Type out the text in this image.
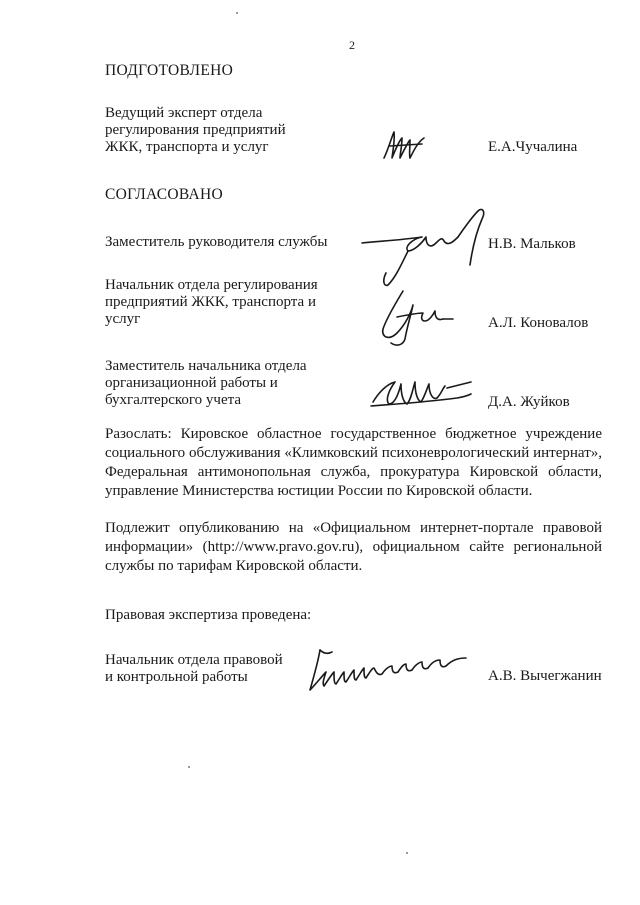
2
ПОДГОТОВЛЕНО
Ведущий эксперт отдела
регулирования предприятий
ЖКК, транспорта и услуг	Е.А.Чучалина
СОГЛАСОВАНО
Заместитель руководителя службы	Н.В. Мальков
Начальник отдела регулирования
предприятий ЖКК, транспорта и
услуг	А.Л. Коновалов
Заместитель начальника отдела
организационной работы и
бухгалтерского учета	Д.А. Жуйков
Разослать: Кировское областное государственное бюджетное учреждение
социального обслуживания «Климковский психоневрологический интернат»,
Федеральная антимонопольная служба, прокуратура Кировской области,
управление Министерства юстиции России по Кировской области.
Подлежит опубликованию на «Официальном интернет-портале правовой
информации» (http://www.pravo.gov.ru), официальном сайте региональной
службы по тарифам Кировской области.
Правовая экспертиза проведена:
Начальник отдела правовой
и контрольной работы	А.В. Вычегжанин
